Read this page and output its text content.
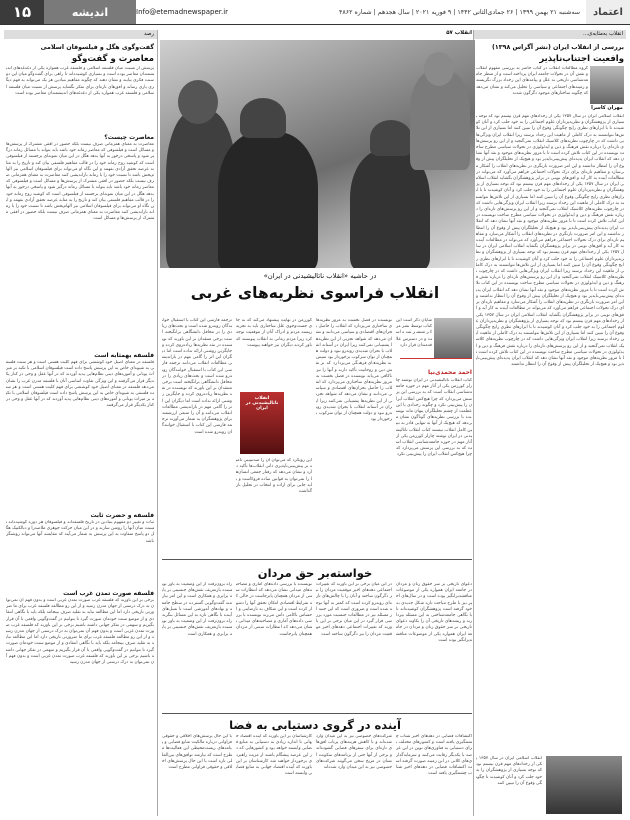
۱۵	اندیشه	Info@etemadnewspaper.ir	سه‌شنبه ۲۱ بهمن ۱۳۹۹ | ۲۶ جمادی‌الثانی ۱۴۴۲ | ۹ فوریه ۲۰۲۱ | سال هجدهم | شماره ۴۸۶۲	اعتماد
انقلاب به‌مثابه‌ی...
بررسی از انقلاب ایران (نشر آگراس ۱۳۹۸)
وافعیت اجتناب‌ناپذیر
مهران کاسرا
گروه مطالعات انقلاب در کتاب حاضر به بررسی مفهوم انقلاب و نقش آن در تحولات جامعه ایران پرداخته است و از منظر جامعه‌شناسی تاریخی به علل و پیامدهای این رخداد بزرگ نگریسته و زمینه‌های اجتماعی و سیاسی را تحلیل می‌کند و نشان می‌دهد که چگونه ساختارهای موجود دگرگون شدند
انقلاب اسلامی ایران در سال ۱۳۵۷ یکی از رخدادهای مهم قرن بیستم بود که توجه بسیاری از پژوهشگران و نظریه‌پردازان علوم اجتماعی را به خود جلب کرد و آنان کوشیدند تا با ابزارهای نظری رایج چگونگی وقوع آن را تبیین کنند اما بسیاری از این تلاش‌ها نتوانستند به درک کاملی از ماهیت این رخداد برسند زیرا انقلاب ایران ویژگی‌هایی داشت که در چارچوب نظریه‌های کلاسیک انقلاب نمی‌گنجید و از این رو پرسش‌های تازه‌ای را درباره نقش فرهنگ و دین و ایدئولوژی در تحولات سیاسی مطرح ساخت نویسنده در این کتاب تلاش کرده است تا با مرور نظریه‌های موجود و نقد آنها نشان دهد که انقلاب ایران پدیده‌ای پیش‌بینی‌ناپذیر بود و هیچ‌یک از تحلیلگران پیش از وقوع آن را انتظار نداشتند و این امر ضرورت بازنگری در نظریه‌های انقلاب را آشکار می‌سازد و مفاهیم تازه‌ای برای درک تحولات اجتماعی فراهم می‌آورد که می‌تواند در مطالعات آینده به کار آید و افق‌های نوینی در برابر پژوهشگران بگشاید انقلاب اسلامی ایران در سال ۱۳۵۷ یکی از رخدادهای مهم قرن بیستم بود که توجه بسیاری از پژوهشگران و نظریه‌پردازان علوم اجتماعی را به خود جلب کرد و آنان کوشیدند تا با ابزارهای نظری رایج چگونگی وقوع آن را تبیین کنند اما بسیاری از این تلاش‌ها نتوانستند به درک کاملی از ماهیت این رخداد برسند زیرا انقلاب ایران ویژگی‌هایی داشت که در چارچوب نظریه‌های کلاسیک انقلاب نمی‌گنجید و از این رو پرسش‌های تازه‌ای را درباره نقش فرهنگ و دین و ایدئولوژی در تحولات سیاسی مطرح ساخت نویسنده در این کتاب تلاش کرده است تا با مرور نظریه‌های موجود و نقد آنها نشان دهد که انقلاب ایران پدیده‌ای پیش‌بینی‌ناپذیر بود و هیچ‌یک از تحلیلگران پیش از وقوع آن را انتظار نداشتند و این امر ضرورت بازنگری در نظریه‌های انقلاب را آشکار می‌سازد و مفاهیم تازه‌ای برای درک تحولات اجتماعی فراهم می‌آورد که می‌تواند در مطالعات آینده به کار آید و افق‌های نوینی در برابر پژوهشگران بگشاید انقلاب اسلامی ایران در سال ۱۳۵۷ یکی از رخدادهای مهم قرن بیستم بود که توجه بسیاری از پژوهشگران و نظریه‌پردازان علوم اجتماعی را به خود جلب کرد و آنان کوشیدند تا با ابزارهای نظری رایج چگونگی وقوع آن را تبیین کنند اما بسیاری از این تلاش‌ها نتوانستند به درک کاملی از ماهیت این رخداد برسند زیرا انقلاب ایران ویژگی‌هایی داشت که در چارچوب نظریه‌های کلاسیک انقلاب نمی‌گنجید و از این رو پرسش‌های تازه‌ای را درباره نقش فرهنگ و دین و ایدئولوژی در تحولات سیاسی مطرح ساخت نویسنده در این کتاب تلاش کرده است تا با مرور نظریه‌های موجود و نقد آنها نشان دهد که انقلاب ایران پدیده‌ای پیش‌بینی‌ناپذیر بود و هیچ‌یک از تحلیلگران پیش از وقوع آن را انتظار نداشتند و این امر ضرورت بازنگری در نظریه‌های انقلاب را آشکار می‌سازد و مفاهیم تازه‌ای برای درک تحولات اجتماعی فراهم می‌آورد که می‌تواند در مطالعات آینده به کار آید و افق‌های نوینی در برابر پژوهشگران بگشاید انقلاب اسلامی ایران در سال ۱۳۵۷ یکی از رخدادهای مهم قرن بیستم بود که توجه بسیاری از پژوهشگران و نظریه‌پردازان علوم اجتماعی را به خود جلب کرد و آنان کوشیدند تا با ابزارهای نظری رایج چگونگی وقوع آن را تبیین کنند اما بسیاری از این تلاش‌ها نتوانستند به درک کاملی از ماهیت این رخداد برسند زیرا انقلاب ایران ویژگی‌هایی داشت که در چارچوب نظریه‌های کلاسیک انقلاب نمی‌گنجید و از این رو پرسش‌های تازه‌ای را درباره نقش فرهنگ و دین و ایدئولوژی در تحولات سیاسی مطرح ساخت نویسنده در این کتاب تلاش کرده است تا با مرور نظریه‌های موجود و نقد آنها نشان دهد که انقلاب ایران پدیده‌ای پیش‌بینی‌ناپذیر بود و هیچ‌یک از تحلیلگران پیش از وقوع آن را انتظار نداشتند
انقلاب اسلامی ایران در سال ۱۳۵۷ یکی از رخدادهای مهم قرن بیستم بود که توجه بسیاری از پژوهشگران را به خود جلب کرد و آنان کوشیدند تا چگونگی وقوع آن را تبیین کنند
رصد
گفت‌وگوی هگل و فیلسوفان اسلامی
معاصرت و گفت‌وگو
پرسش از نسبت میان فلسفه اسلامی و فلسفه غرب همواره یکی از دغدغه‌های اندیشمندان معاصر بوده است و بسیاری کوشیده‌اند تا راهی برای گفت‌وگو میان این دو سنت فکری بیابند و نشان دهند که چگونه مفاهیم بنیادین هر یک می‌تواند به فهم دیگری یاری رساند و افق‌های تازه‌ای برای تفکر بگشاید پرسش از نسبت میان فلسفه اسلامی و فلسفه غرب همواره یکی از دغدغه‌های اندیشمندان معاصر بوده است
معاصرت چیست؟
معاصرت به معنای همزمانی صرف نیست بلکه حضور در افقی مشترک از پرسش‌ها و مسائل است و فیلسوفی که معاصر زمانه خود باشد باید بتواند با مسائل زمانه درگیر شود و پاسخی درخور به آنها بدهد هگل در این میان نمونه‌ای برجسته از فیلسوفی است که کوشید روح زمانه خود را در قالب مفاهیم فلسفی بیان کند و تاریخ را به مثابه عرصه تحقق آزادی بفهمد و این نگاه او می‌تواند برای فیلسوفان اسلامی نیز الهام‌بخش باشد تا نسبت خود را با زمانه بازاندیشی کنند معاصرت به معنای همزمانی صرف نیست بلکه حضور در افقی مشترک از پرسش‌ها و مسائل است و فیلسوفی که معاصر زمانه خود باشد باید بتواند با مسائل زمانه درگیر شود و پاسخی درخور به آنها بدهد هگل در این میان نمونه‌ای برجسته از فیلسوفی است که کوشید روح زمانه خود را در قالب مفاهیم فلسفی بیان کند و تاریخ را به مثابه عرصه تحقق آزادی بفهمد و این نگاه او می‌تواند برای فیلسوفان اسلامی نیز الهام‌بخش باشد تا نسبت خود را با زمانه بازاندیشی کنند معاصرت به معنای همزمانی صرف نیست بلکه حضور در افقی مشترک از پرسش‌ها و مسائل است
فلسفه بهمثابه است
فلسفه در معنای اصیل خود کوششی برای فهم کلیت هستی است و هر سنت فلسفی به شیوه‌ای خاص به این پرسش پاسخ داده است فیلسوفان اسلامی با تکیه بر میراث یونانی و آموزه‌های دینی نظام‌هایی پدید آوردند که در آنها عقل و وحی در کنار یکدیگر قرار می‌گرفتند و این ویژگی تفاوت اساسی آنان با فلسفه مدرن غرب را نشان می‌دهد فلسفه در معنای اصیل خود کوششی برای فهم کلیت هستی است و هر سنت فلسفی به شیوه‌ای خاص به این پرسش پاسخ داده است فیلسوفان اسلامی با تکیه بر میراث یونانی و آموزه‌های دینی نظام‌هایی پدید آوردند که در آنها عقل و وحی در کنار یکدیگر قرار می‌گرفتند
فلسفه و حضرت ثابت
ثبات و تغییر دو مفهوم بنیادین در تاریخ فلسفه‌اند و فیلسوفان هر دوره کوشیده‌اند نسبت میان آنها را روشن سازند و در این میان حرکت جوهری ملاصدرا و دیالکتیک هگل دو پاسخ متفاوت به این پرسش به شمار می‌آیند که مقایسه آنها می‌تواند روشنگر باشد
فلسفه صورت تمدن غرب است
برخی بر این باورند که فلسفه غرب صورت تمدن غربی است و بدون فهم آن نمی‌توان به درک درستی از جهان مدرن رسید و از این رو مطالعه فلسفه غرب برای ما ضرورتی تاریخی دارد اما این مطالعه نباید به تقلید صرف بینجامد بلکه باید با نگاهی انتقادی و از موضع سنت خودمان صورت گیرد تا بتوانیم در گفت‌وگویی واقعی با آن قرار بگیریم و سهمی در تفکر جهانی داشته باشیم برخی بر این باورند که فلسفه غرب صورت تمدن غربی است و بدون فهم آن نمی‌توان به درک درستی از جهان مدرن رسید و از این رو مطالعه فلسفه غرب برای ما ضرورتی تاریخی دارد اما این مطالعه نباید به تقلید صرف بینجامد بلکه باید با نگاهی انتقادی و از موضع سنت خودمان صورت گیرد تا بتوانیم در گفت‌وگویی واقعی با آن قرار بگیریم و سهمی در تفکر جهانی داشته باشیم برخی بر این باورند که فلسفه غرب صورت تمدن غربی است و بدون فهم آن نمی‌توان به درک درستی از جهان مدرن رسید
انقلاب ۵۷
در حاشیه «انقلاب ناتالیشیدنی در ایران»
انقلاب فراسوی نظریه‌های غربی
احمد محمدی‌نیا
شایان ذکر است این کتاب توسط نشر مرکز منتشر شده است و در دسترس علاقه‌مندان قرار دارد
کتاب انقلاب ناتالیشیدنی در ایران نوشته چارلز کورزمن یکی از آثار مهم در حوزه جامعه‌شناسی انقلاب است که به بررسی این پرسش می‌پردازد که چرا هیچ‌کس انقلاب ایران را پیش‌بینی نکرد و چگونه رخدادی با این عظمت از چشم تحلیلگران پنهان ماند نویسنده با بررسی نظریه‌های گوناگون نشان می‌دهد که هیچ‌یک از آنها به تنهایی قادر به تبیین کامل انقلاب نیستند کتاب انقلاب ناتالیشیدنی در ایران نوشته چارلز کورزمن یکی از آثار مهم در حوزه جامعه‌شناسی انقلاب است که به بررسی این پرسش می‌پردازد که چرا هیچ‌کس انقلاب ایران را پیش‌بینی نکرد
نویسنده در فصل نخست به مرور نظریه‌های ساختاری می‌پردازد که انقلاب را حاصل بحران‌های اقتصادی و سیاسی می‌دانند و نشان می‌دهد که شواهد تجربی از این نظریه‌ها پشتیبانی نمی‌کنند زیرا ایران در آستانه انقلاب با بحران شدیدی روبه‌رو نبود و دولت همچنان از توان سرکوب برخوردار بود سپس به نظریه‌های فرهنگی می‌پردازد که بر نقش دین و روحانیت تأکید دارند و آنها را نیز ناکافی می‌یابد نویسنده در فصل نخست به مرور نظریه‌های ساختاری می‌پردازد که انقلاب را حاصل بحران‌های اقتصادی و سیاسی می‌دانند و نشان می‌دهد که شواهد تجربی از این نظریه‌ها پشتیبانی نمی‌کنند زیرا ایران در آستانه انقلاب با بحران شدیدی روبه‌رو نبود و دولت همچنان از توان سرکوب برخوردار بود
انقلاب ناتالیشیدنی در ایران
کورزمن در نهایت پیشنهاد می‌کند که به جای جست‌وجوی علل ساختاری باید به تجربه زیسته مردم و ادراک آنان از موقعیت توجه کرد زیرا مردم زمانی به انقلاب پیوستند که باور کردند دیگران نیز خواهند پیوست
این رویکرد که می‌توان آن را ضدتبیینی نامید بر پیش‌بینی‌ناپذیری ذاتی انقلاب‌ها تأکید دارد و نشان می‌دهد که رفتار جمعی انسان‌ها را نمی‌توان به قوانین ساده فروکاست و باید جایی برای اراده و انتخاب در تحلیل باز گذاشت
ترجمه فارسی این کتاب با استقبال خوانندگان روبه‌رو شده است و بحث‌های زیادی را در محافل دانشگاهی برانگیخته است برخی منتقدان بر این باورند که نویسنده در نقد نظریه‌ها زیاده‌روی کرده و جایگزین روشنی ارائه نداده است اما دیگران این اثر را گامی مهم در بازاندیشی مطالعات انقلاب می‌دانند ترجمه فارسی این کتاب با استقبال خوانندگان روبه‌رو شده است و بحث‌های زیادی را در محافل دانشگاهی برانگیخته است برخی منتقدان بر این باورند که نویسنده در نقد نظریه‌ها زیاده‌روی کرده و جایگزین روشنی ارائه نداده است اما دیگران این اثر را گامی مهم در بازاندیشی مطالعات انقلاب می‌دانند و آن را منبعی ارزشمند برای پژوهشگران به شمار می‌آورند ترجمه فارسی این کتاب با استقبال خوانندگان روبه‌رو شده است
خواسته‌بر حق مردان
دعوای تاریخی بر سر حقوق زنان و مردان در جامعه ایران همواره یکی از موضوعات مناقشه‌برانگیز بوده است و در سال‌های اخیر نیز با طرح مباحث تازه شکل جدیدی به خود گرفته است پژوهشگران کوشیده‌اند تا با نگاهی جامعه‌شناختی به این مسئله بپردازند و ریشه‌های تاریخی آن را بکاوند دعوای تاریخی بر سر حقوق زنان و مردان در جامعه ایران همواره یکی از موضوعات مناقشه‌برانگیز بوده است
در این میان برخی بر این باورند که تغییرات اجتماعی دهه‌های اخیر موقعیت مردان را نیز دگرگون ساخته و آنان را با چالش‌های تازه‌ای روبه‌رو کرده است که کمتر به آنها توجه شده است و ضروری است که این جنبه از مسئله نیز در مطالعات جنسیت مورد بررسی قرار گیرد در این میان برخی بر این باورند که تغییرات اجتماعی دهه‌های اخیر موقعیت مردان را نیز دگرگون ساخته است
نویسنده با بررسی داده‌های آماری و مصاحبه‌های میدانی نشان می‌دهد که انتظارات سنتی از مردان همچنان پابرجاست در حالی که شرایط اقتصادی امکان تحقق آنها را دشوار کرده است و این شکاف به نارضایتی و احساس ناکامی دامن می‌زند نویسنده با بررسی داده‌های آماری و مصاحبه‌های میدانی نشان می‌دهد که انتظارات سنتی از مردان همچنان پابرجاست
راه برون‌رفت از این وضعیت به باور نویسنده بازتعریف نقش‌های جنسیتی بر پایه برابری و همکاری است و این امر نیازمند گفت‌وگویی گسترده در سطح جامعه و نهادهای آموزشی است تا نسل‌های آینده با نگاهی تازه به این مسائل بنگرند راه برون‌رفت از این وضعیت به باور نویسنده بازتعریف نقش‌های جنسیتی بر پایه برابری و همکاری است
آینده در گروی دستیابی به فضا
اکتشافات فضایی در دهه‌های اخیر شتاب چشمگیری یافته است و کشورهای مختلف برای دستیابی به فناوری‌های نوین در این عرصه با یکدیگر رقابت می‌کنند و سرمایه‌گذاری‌های کلانی در این زمینه صورت گرفته است اکتشافات فضایی در دهه‌های اخیر شتاب چشمگیری یافته است
شرکت‌های خصوصی نیز به این میدان وارد شده‌اند و با کاهش هزینه‌های پرتاب افق‌های تازه‌ای برای سفرهای فضایی گشوده‌اند و برخی از آنها حتی از برنامه‌های سکونت انسان در مریخ سخن می‌گویند شرکت‌های خصوصی نیز به این میدان وارد شده‌اند
کارشناسان بر این باورند که آینده اقتصاد جهانی تا اندازه زیادی به دستیابی به منابع فضایی وابسته خواهد بود و کشورهایی که در این عرصه پیشگام باشند از مزیت راهبردی برخوردار خواهند شد کارشناسان بر این باورند که آینده اقتصاد جهانی به منابع فضایی وابسته است
با این حال پرسش‌های اخلاقی و حقوقی فراوانی درباره مالکیت منابع فضایی و پیامدهای زیست‌محیطی این فعالیت‌ها مطرح است که نیازمند توافق‌های بین‌المللی تازه است با این حال پرسش‌های اخلاقی و حقوقی فراوانی مطرح است
